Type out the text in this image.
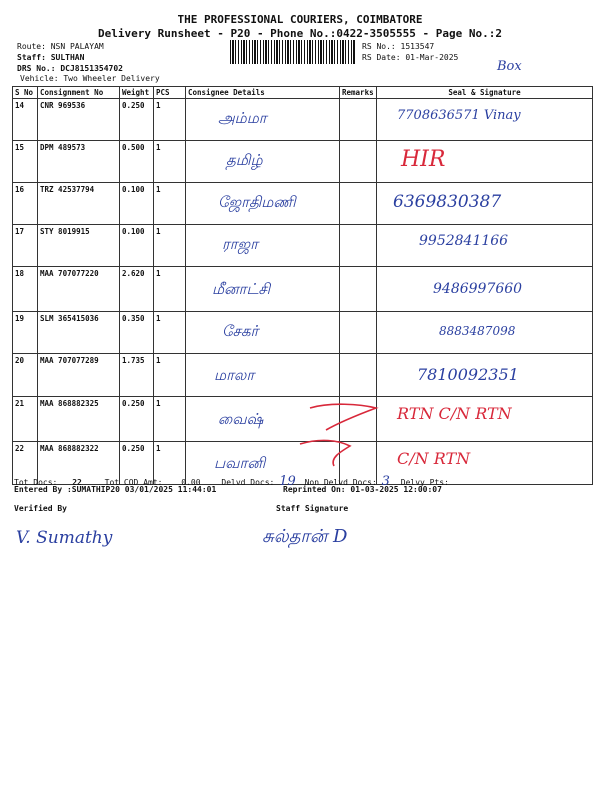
THE PROFESSIONAL COURIERS, COIMBATORE
Delivery Runsheet - P20 - Phone No.:0422-3505555 - Page No.:2
Route: NSN PALAYAM
Staff: SULTHAN
DRS No.: DCJ8151354702
Vehicle: Two Wheeler Delivery
RS No.: 1513547
RS Date: 01-Mar-2025
Box
S No	Consignment No	Weight	PCS	Consignee Details	Remarks	Seal & Signature
14	CNR 969536	0.250	1	அம்மா		7708636571 Vinay
15	DPM 489573	0.500	1	தமிழ்		HIR
16	TRZ 42537794	0.100	1	ஜோதிமணி		6369830387
17	STY 8019915	0.100	1	ராஜா		9952841166
18	MAA 707077220	2.620	1	மீனாட்சி		9486997660
19	SLM 365415036	0.350	1	சேகர்		8883487098
20	MAA 707077289	1.735	1	மாலா		7810092351
21	MAA 868882325	0.250	1	வைஷ்		RTN C/N RTN
22	MAA 868882322	0.250	1	பவானி		C/N RTN
Tot Docs: 22	Tot COD Amt: 0.00	Delvd Docs: 19 Non Delvd Docs: 3 Delvy Pts:
Entered By :SUMATHIP20 03/01/2025 11:44:01	Reprinted On: 01-03-2025 12:00:07
Verified By	Staff Signature
V. Sumathy	சுல்தான் D
